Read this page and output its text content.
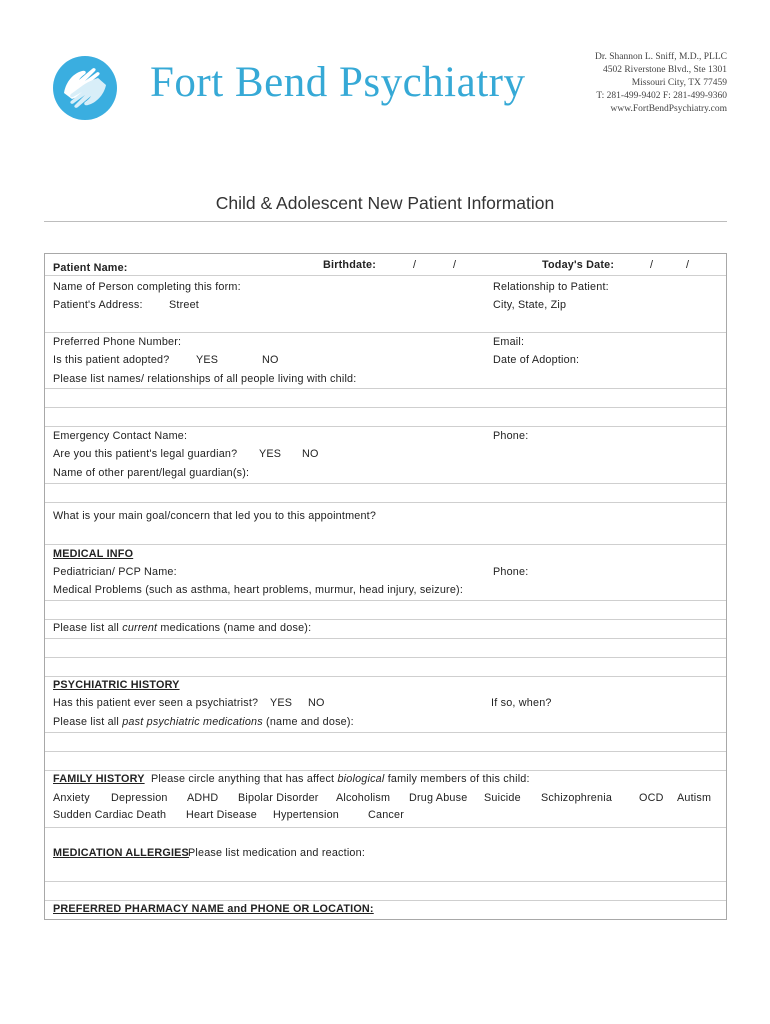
Fort Bend Psychiatry
Dr. Shannon L. Sniff, M.D., PLLC
4502 Riverstone Blvd., Ste 1301
Missouri City, TX 77459
T: 281-499-9402 F: 281-499-9360
www.FortBendPsychiatry.com
Child & Adolescent New Patient Information
Patient Name:	Birthdate:	/	/	Today's Date:	/	/
Name of Person completing this form:	Relationship to Patient:
Patient's Address: Street	City, State, Zip
Preferred Phone Number:	Email:
Is this patient adopted? YES	NO	Date of Adoption:
Please list names/ relationships of all people living with child:
Emergency Contact Name:	Phone:
Are you this patient's legal guardian? YES NO
Name of other parent/legal guardian(s):
What is your main goal/concern that led you to this appointment?
MEDICAL INFO
Pediatrician/ PCP Name:	Phone:
Medical Problems (such as asthma, heart problems, murmur, head injury, seizure):
Please list all current medications (name and dose):
PSYCHIATRIC HISTORY
Has this patient ever seen a psychiatrist? YES NO	If so, when?
Please list all past psychiatric medications (name and dose):
FAMILY HISTORY Please circle anything that has affect biological family members of this child:
Anxiety Depression ADHD Bipolar Disorder Alcoholism Drug Abuse Suicide Schizophrenia OCD Autism
Sudden Cardiac Death Heart Disease Hypertension	Cancer
MEDICATION ALLERGIES Please list medication and reaction:
PREFERRED PHARMACY NAME and PHONE OR LOCATION:
